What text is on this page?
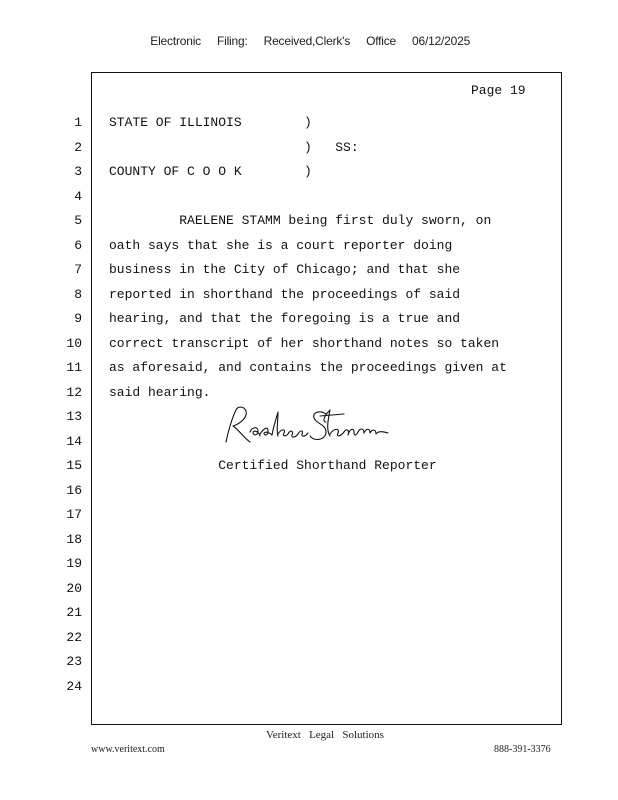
Electronic Filing: Received,Clerk's Office 06/12/2025

Page 19
1 STATE OF ILLINOIS        )
2 )   SS:
3 COUNTY OF C O O K        )
4
5 RAELENE STAMM being first duly sworn, on
6 oath says that she is a court reporter doing
7 business in the City of Chicago; and that she
8 reported in shorthand the proceedings of said
9 hearing, and that the foregoing is a true and
10 correct transcript of her shorthand notes so taken
11 as aforesaid, and contains the proceedings given at
12 said hearing.
13
14
15 Certified Shorthand Reporter
16
17
18
19
20
21
22
23
24
Veritext   Legal   Solutions
www.veritext.com	888-391-3376
